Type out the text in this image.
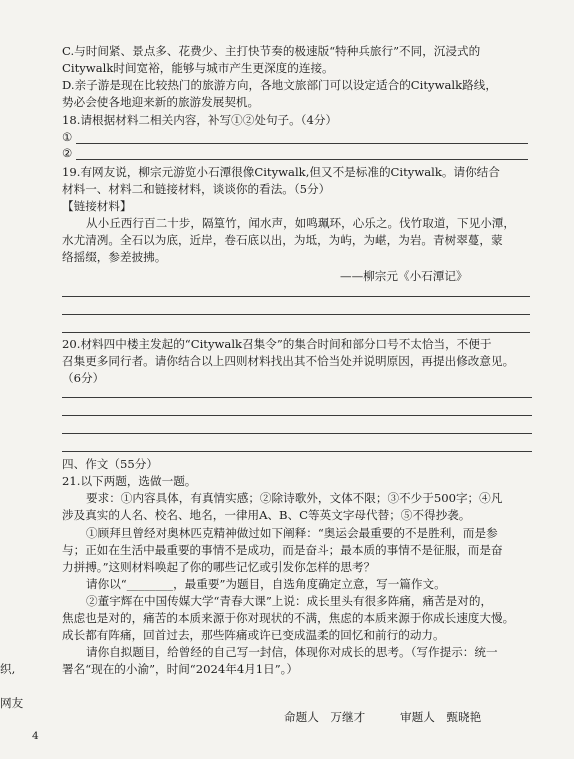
C.与时间紧、景点多、花费少、主打快节奏的极速版“特种兵旅行”不同，沉浸式的
Citywalk时间宽裕，能够与城市产生更深度的连接。
D.亲子游是现在比较热门的旅游方向，各地文旅部门可以设定适合的Citywalk路线，
势必会使各地迎来新的旅游发展契机。
18.请根据材料二相关内容，补写①②处句子。（4分）
①
②
19.有网友说，柳宗元游览小石潭很像Citywalk,但又不是标准的Citywalk。请你结合
材料一、材料二和链接材料，谈谈你的看法。（5分）
【链接材料】
从小丘西行百二十步，隔篁竹，闻水声，如鸣珮环，心乐之。伐竹取道，下见小潭，
水尤清冽。全石以为底，近岸，卷石底以出，为坻，为屿，为嵁，为岩。青树翠蔓，蒙
络摇缀，参差披拂。
——柳宗元《小石潭记》
20.材料四中楼主发起的“Citywalk召集令”的集合时间和部分口号不太恰当，不便于
召集更多同行者。请你结合以上四则材料找出其不恰当处并说明原因，再提出修改意见。
（6分）
四、作文（55分）
21.以下两题，选做一题。
要求：①内容具体，有真情实感；②除诗歌外，文体不限；③不少于500字；④凡
涉及真实的人名、校名、地名，一律用A、B、C等英文字母代替；⑤不得抄袭。
①顾拜旦曾经对奥林匹克精神做过如下阐释：“奥运会最重要的不是胜利，而是参
与；正如在生活中最重要的事情不是成功，而是奋斗；最本质的事情不是征服，而是奋
力拼搏。”这则材料唤起了你的哪些记忆或引发你怎样的思考？
请你以“________，最重要”为题目，自选角度确定立意，写一篇作文。
②董宇辉在中国传媒大学“青春大课”上说：成长里头有很多阵痛，痛苦是对的，
焦虑也是对的，痛苦的本质来源于你对现状的不满，焦虑的本质来源于你成长速度大慢。
成长都有阵痛，回首过去，那些阵痛或许已变成温柔的回忆和前行的动力。
请你自拟题目，给曾经的自己写一封信，体现你对成长的思考。（写作提示：统一
署名“现在的小渝”，时间“2024年4月1日”。）
织,
网友
命题人　万继才	审题人　甄晓艳
4
